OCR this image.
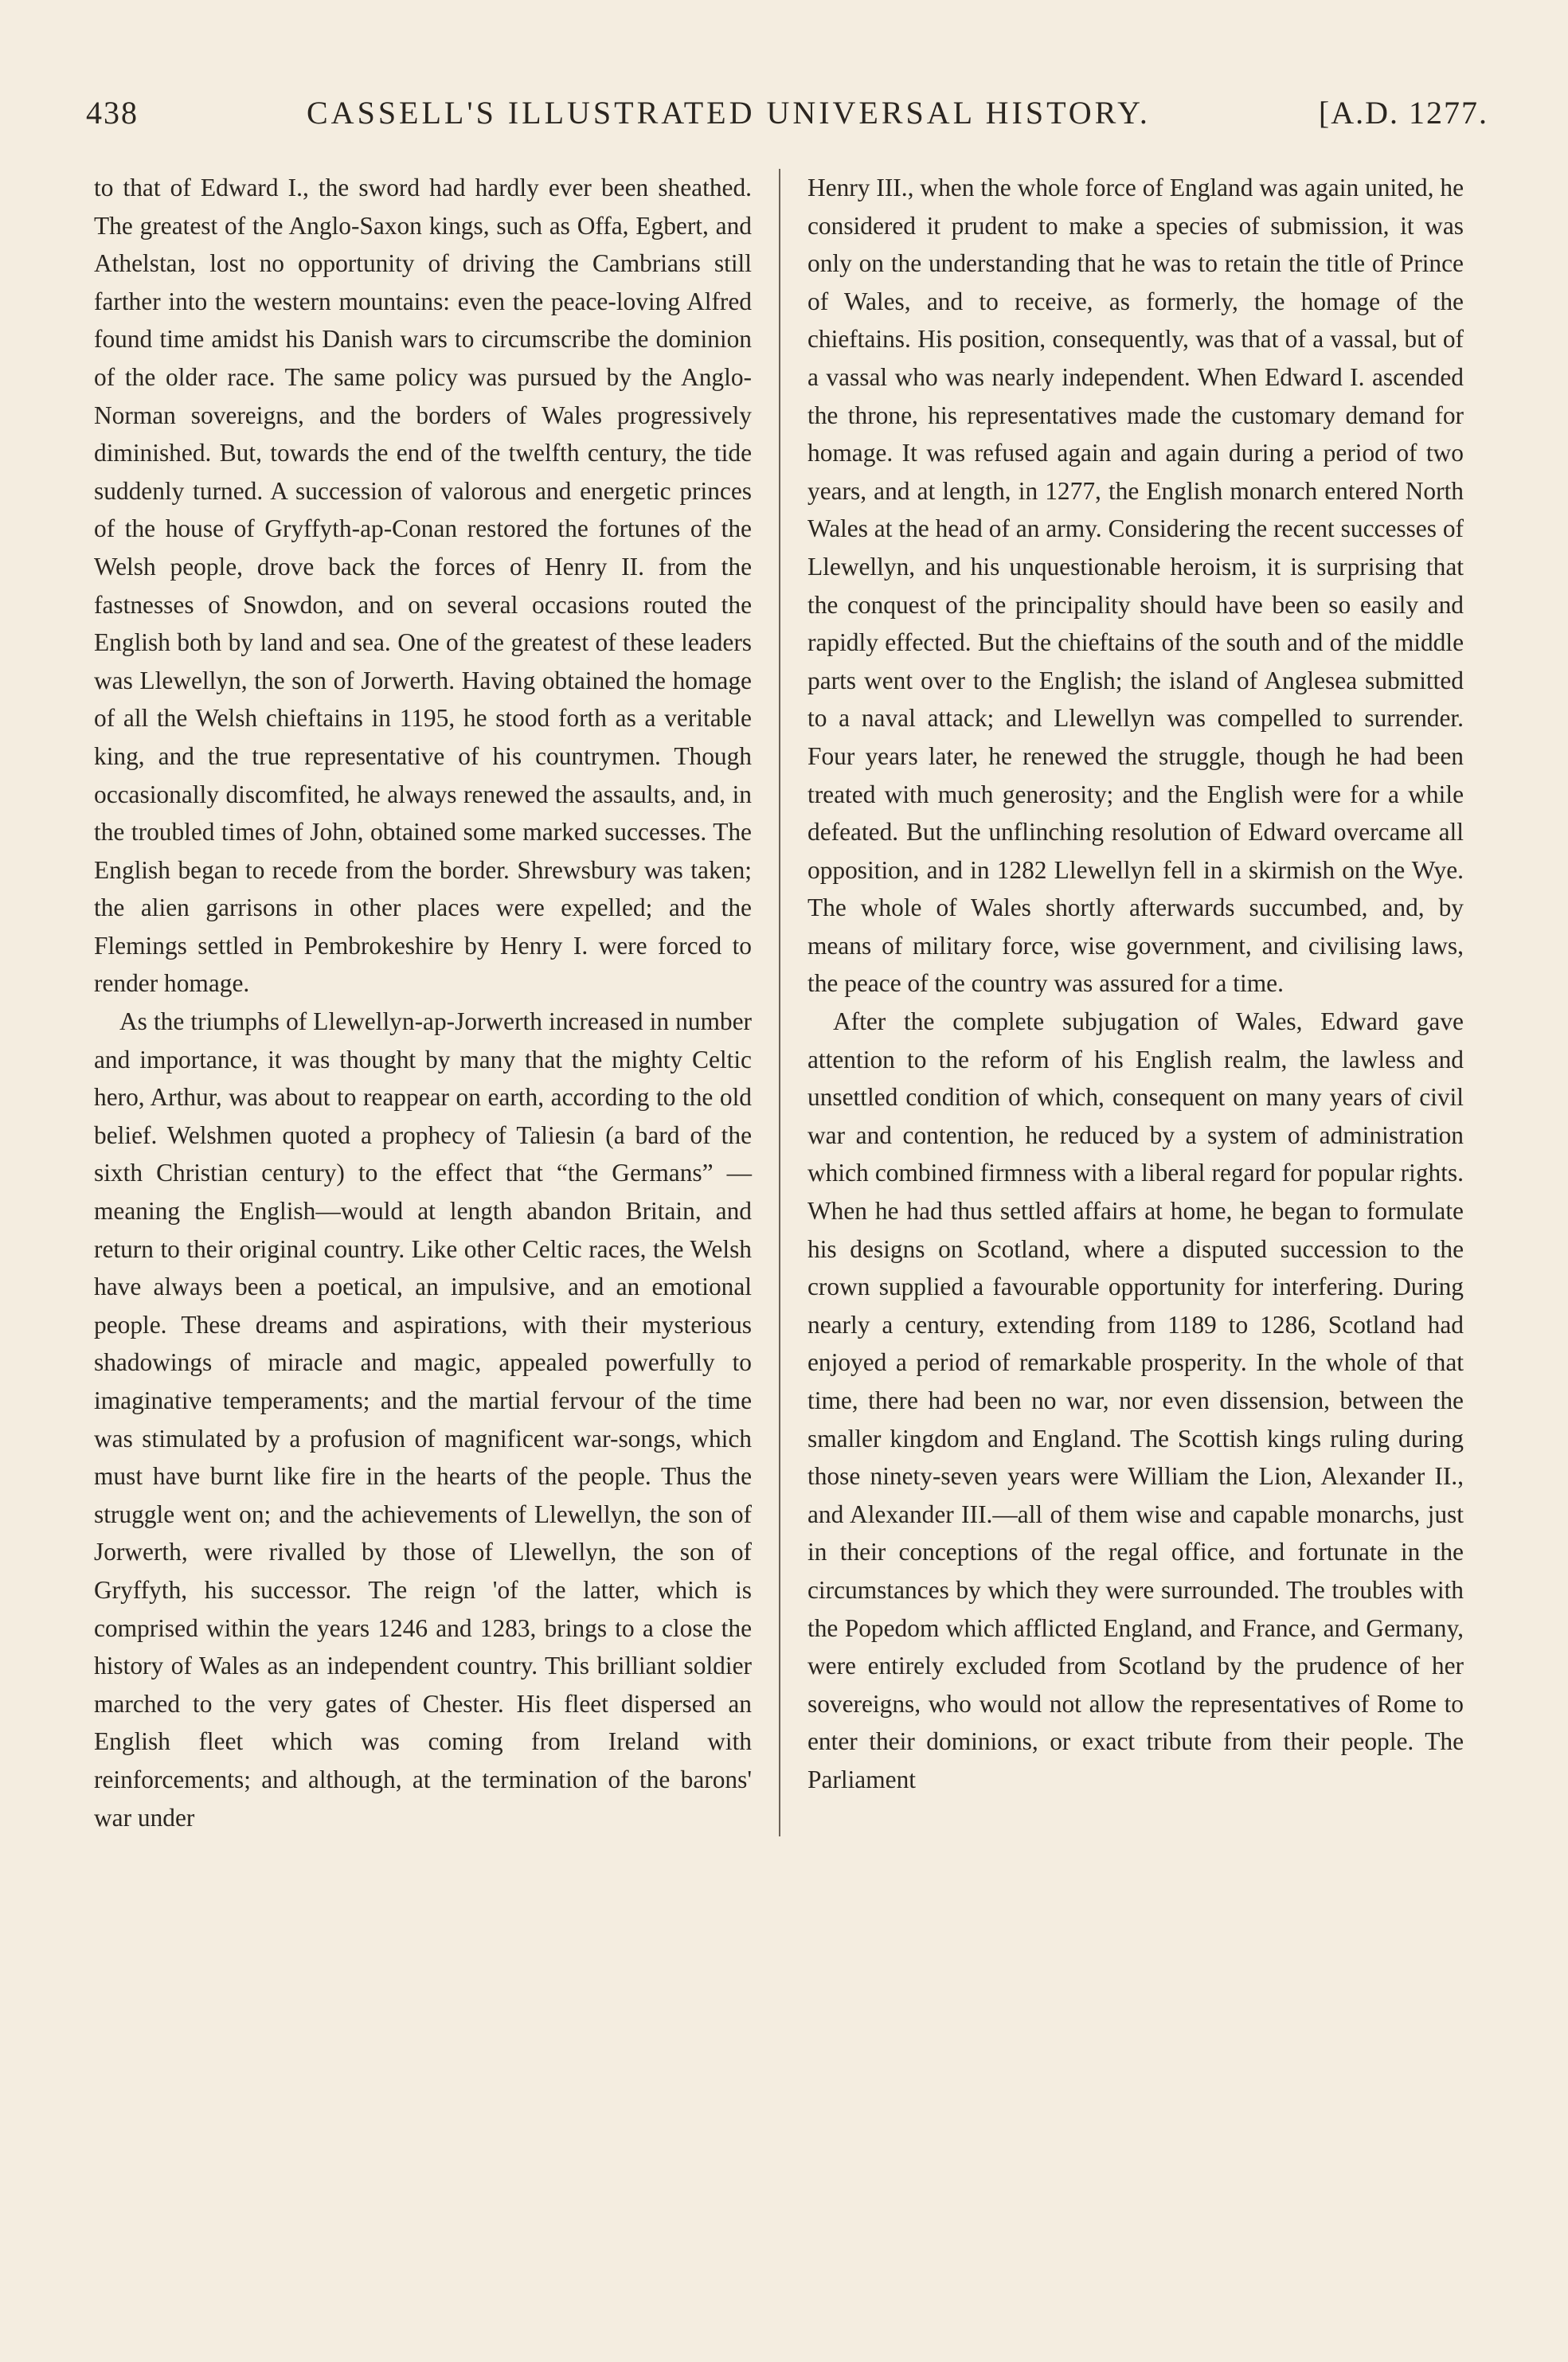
438	CASSELL'S ILLUSTRATED UNIVERSAL HISTORY.	[A.D. 1277.

to that of Edward I., the sword had hardly ever been sheathed. The greatest of the Anglo-Saxon kings, such as Offa, Egbert, and Athelstan, lost no opportunity of driving the Cambrians still farther into the western mountains: even the peace-loving Alfred found time amidst his Danish wars to circumscribe the dominion of the older race. The same policy was pursued by the Anglo-Norman sovereigns, and the borders of Wales progressively diminished. But, towards the end of the twelfth century, the tide suddenly turned. A succession of valorous and energetic princes of the house of Gryffyth-ap-Conan restored the fortunes of the Welsh people, drove back the forces of Henry II. from the fastnesses of Snowdon, and on several occasions routed the English both by land and sea. One of the greatest of these leaders was Llewellyn, the son of Jorwerth. Having obtained the homage of all the Welsh chieftains in 1195, he stood forth as a veritable king, and the true representative of his countrymen. Though occasionally discomfited, he always renewed the assaults, and, in the troubled times of John, obtained some marked successes. The English began to recede from the border. Shrewsbury was taken; the alien garrisons in other places were expelled; and the Flemings settled in Pembrokeshire by Henry I. were forced to render homage.

As the triumphs of Llewellyn-ap-Jorwerth increased in number and importance, it was thought by many that the mighty Celtic hero, Arthur, was about to reappear on earth, according to the old belief. Welshmen quoted a prophecy of Taliesin (a bard of the sixth Christian century) to the effect that “the Germans” — meaning the English—would at length abandon Britain, and return to their original country. Like other Celtic races, the Welsh have always been a poetical, an impulsive, and an emotional people. These dreams and aspirations, with their mysterious shadowings of miracle and magic, appealed powerfully to imaginative temperaments; and the martial fervour of the time was stimulated by a profusion of magnificent war-songs, which must have burnt like fire in the hearts of the people. Thus the struggle went on; and the achievements of Llewellyn, the son of Jorwerth, were rivalled by those of Llewellyn, the son of Gryffyth, his successor. The reign 'of the latter, which is comprised within the years 1246 and 1283, brings to a close the history of Wales as an independent country. This brilliant soldier marched to the very gates of Chester. His fleet dispersed an English fleet which was coming from Ireland with reinforcements; and although, at the termination of the barons' war under

Henry III., when the whole force of England was again united, he considered it prudent to make a species of submission, it was only on the understanding that he was to retain the title of Prince of Wales, and to receive, as formerly, the homage of the chieftains. His position, consequently, was that of a vassal, but of a vassal who was nearly independent. When Edward I. ascended the throne, his representatives made the customary demand for homage. It was refused again and again during a period of two years, and at length, in 1277, the English monarch entered North Wales at the head of an army. Considering the recent successes of Llewellyn, and his unquestionable heroism, it is surprising that the conquest of the principality should have been so easily and rapidly effected. But the chieftains of the south and of the middle parts went over to the English; the island of Anglesea submitted to a naval attack; and Llewellyn was compelled to surrender. Four years later, he renewed the struggle, though he had been treated with much generosity; and the English were for a while defeated. But the unflinching resolution of Edward overcame all opposition, and in 1282 Llewellyn fell in a skirmish on the Wye. The whole of Wales shortly afterwards succumbed, and, by means of military force, wise government, and civilising laws, the peace of the country was assured for a time.

After the complete subjugation of Wales, Edward gave attention to the reform of his English realm, the lawless and unsettled condition of which, consequent on many years of civil war and contention, he reduced by a system of administration which combined firmness with a liberal regard for popular rights. When he had thus settled affairs at home, he began to formulate his designs on Scotland, where a disputed succession to the crown supplied a favourable opportunity for interfering. During nearly a century, extending from 1189 to 1286, Scotland had enjoyed a period of remarkable prosperity. In the whole of that time, there had been no war, nor even dissension, between the smaller kingdom and England. The Scottish kings ruling during those ninety-seven years were William the Lion, Alexander II., and Alexander III.—all of them wise and capable monarchs, just in their conceptions of the regal office, and fortunate in the circumstances by which they were surrounded. The troubles with the Popedom which afflicted England, and France, and Germany, were entirely excluded from Scotland by the prudence of her sovereigns, who would not allow the representatives of Rome to enter their dominions, or exact tribute from their people. The Parliament
